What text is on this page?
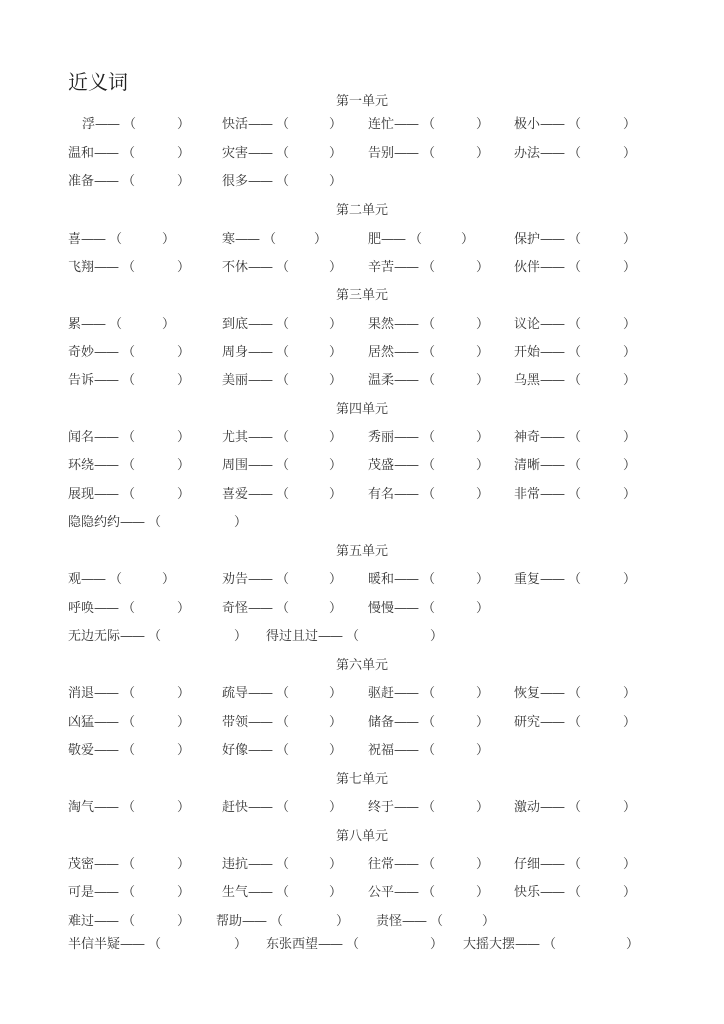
近义词
第一单元
第二单元
第三单元
第四单元
第五单元
第六单元
第七单元
第八单元
浮—— （	） 快活—— （	） 连忙—— （	） 极小—— （	）
温和—— （	） 灾害—— （	） 告别—— （	） 办法—— （	）
准备—— （	） 很多—— （	）
喜—— （	）	寒—— （	）	肥—— （	）	保护—— （	）
飞翔—— （	） 不休—— （	） 辛苦—— （	） 伙伴—— （	）
累—— （	）	到底—— （	） 果然—— （	） 议论—— （	）
奇妙—— （	） 周身—— （	） 居然—— （	） 开始—— （	）
告诉—— （	） 美丽—— （	） 温柔—— （	） 乌黑—— （	）
闻名—— （	） 尤其—— （	） 秀丽—— （	） 神奇—— （	）
环绕—— （	） 周围—— （	） 茂盛—— （	） 清晰—— （	）
展现—— （	） 喜爱—— （	） 有名—— （	） 非常—— （	）
隐隐约约—— （	）
观—— （	）	劝告—— （	） 暖和—— （	） 重复—— （	）
呼唤—— （	） 奇怪—— （	） 慢慢—— （	）
无边无际—— （	） 得过且过—— （	）
消退—— （	） 疏导—— （	） 驱赶—— （	） 恢复—— （	）
凶猛—— （	） 带领—— （	） 储备—— （	） 研究—— （	）
敬爱—— （	） 好像—— （	） 祝福—— （	）
淘气—— （	） 赶快—— （	） 终于—— （	） 激动—— （	）
茂密—— （	） 违抗—— （	） 往常—— （	） 仔细—— （	）
可是—— （	） 生气—— （	） 公平—— （	） 快乐—— （	）
难过—— （	） 帮助—— （	） 责怪—— （	）
半信半疑—— （	） 东张西望—— （	） 大摇大摆—— （	）
